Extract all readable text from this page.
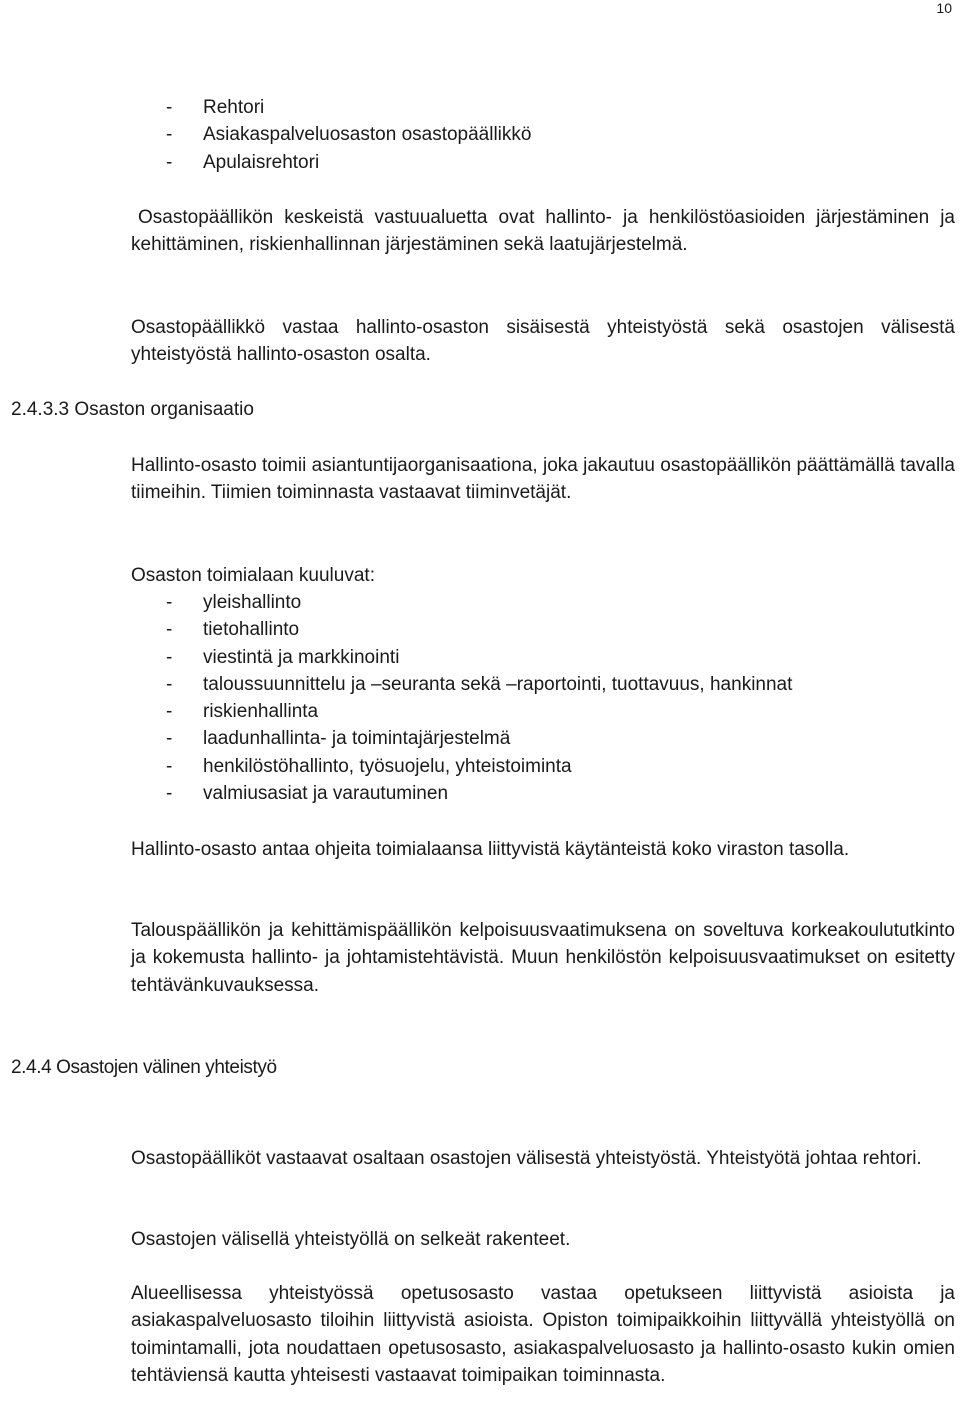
10
- Rehtori
- Asiakaspalveluosaston osastopäällikkö
- Apulaisrehtori

Osastopäällikön keskeistä vastuualuetta ovat hallinto- ja henkilöstöasioiden järjestäminen ja kehittäminen, riskienhallinnan järjestäminen sekä laatujärjestelmä.

Osastopäällikkö vastaa hallinto-osaston sisäisestä yhteistyöstä sekä osastojen välisestä yhteistyöstä hallinto-osaston osalta.

2.4.3.3 Osaston organisaatio

Hallinto-osasto toimii asiantuntijaorganisaationa, joka jakautuu osastopäällikön päättämällä tavalla tiimeihin. Tiimien toiminnasta vastaavat tiiminvetäjät.

Osaston toimialaan kuuluvat:

- yleishallinto
- tietohallinto
- viestintä ja markkinointi
- taloussuunnittelu ja –seuranta sekä –raportointi, tuottavuus, hankinnat
- riskienhallinta
- laadunhallinta- ja toimintajärjestelmä
- henkilöstöhallinto, työsuojelu, yhteistoiminta
- valmiusasiat ja varautuminen

Hallinto-osasto antaa ohjeita toimialaansa liittyvistä käytänteistä koko viraston tasolla.

Talouspäällikön ja kehittämispäällikön kelpoisuusvaatimuksena on soveltuva korkeakoulututkinto ja kokemusta hallinto- ja johtamistehtävistä. Muun henkilöstön kelpoisuusvaatimukset on esitetty tehtävänkuvauksessa.

2.4.4 Osastojen välinen yhteistyö

Osastopäälliköt vastaavat osaltaan osastojen välisestä yhteistyöstä. Yhteistyötä johtaa rehtori.

Osastojen välisellä yhteistyöllä on selkeät rakenteet.

Alueellisessa yhteistyössä opetusosasto vastaa opetukseen liittyvistä asioista ja asiakaspalveluosasto tiloihin liittyvistä asioista. Opiston toimipaikkoihin liittyvällä yhteistyöllä on toimintamalli, jota noudattaen opetusosasto, asiakaspalveluosasto ja hallinto-osasto kukin omien tehtäviensä kautta yhteisesti vastaavat toimipaikan toiminnasta.
